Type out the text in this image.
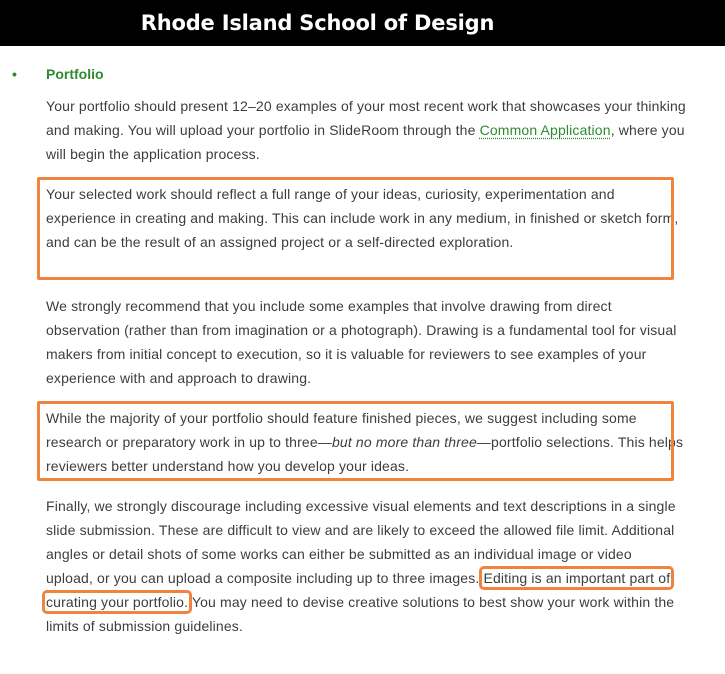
Rhode Island School of Design
• Portfolio

Your portfolio should present 12–20 examples of your most recent work that showcases your thinking and making. You will upload your portfolio in SlideRoom through the Common Application, where you will begin the application process.

Your selected work should reflect a full range of your ideas, curiosity, experimentation and experience in creating and making. This can include work in any medium, in finished or sketch form, and can be the result of an assigned project or a self-directed exploration.

We strongly recommend that you include some examples that involve drawing from direct observation (rather than from imagination or a photograph). Drawing is a fundamental tool for visual makers from initial concept to execution, so it is valuable for reviewers to see examples of your experience with and approach to drawing.

While the majority of your portfolio should feature finished pieces, we suggest including some research or preparatory work in up to three—but no more than three—portfolio selections. This helps reviewers better understand how you develop your ideas.

Finally, we strongly discourage including excessive visual elements and text descriptions in a single slide submission. These are difficult to view and are likely to exceed the allowed file limit. Additional angles or detail shots of some works can either be submitted as an individual image or video upload, or you can upload a composite including up to three images. Editing is an important part of curating your portfolio. You may need to devise creative solutions to best show your work within the limits of submission guidelines.
